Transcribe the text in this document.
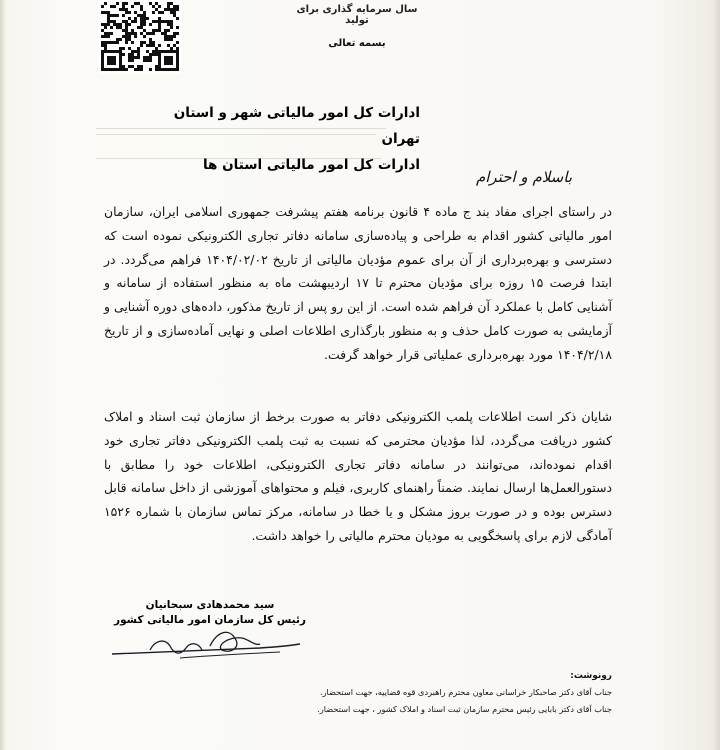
سال سرمایه گذاری برای تولید
بسمه تعالی
ادارات کل امور مالیاتی شهر و استان تهران
ادارات کل امور مالیاتی استان ها
باسلام و احترام
در راستای اجرای مفاد بند ج ماده ۴ قانون برنامه هفتم پیشرفت جمهوری اسلامی ایران، سازمان امور مالیاتی کشور اقدام به طراحی و پیاده‌سازی سامانه دفاتر تجاری الکترونیکی نموده است که دسترسی و بهره‌برداری از آن برای عموم مؤدیان مالیاتی از تاریخ ۱۴۰۴/۰۲/۰۲ فراهم می‌گردد. در ابتدا فرصت ۱۵ روزه برای مؤدیان محترم تا ۱۷ اردیبهشت ماه به منظور استفاده از سامانه و آشنایی کامل با عملکرد آن فراهم شده است. از این رو پس از تاریخ مذکور، داده‌های دوره آشنایی و آزمایشی به صورت کامل حذف و به منظور بارگذاری اطلاعات اصلی و نهایی آماده‌سازی و از تاریخ ۱۴۰۴/۲/۱۸ مورد بهره‌برداری عملیاتی قرار خواهد گرفت.
شایان ذکر است اطلاعات پلمب الکترونیکی دفاتر به صورت برخط از سازمان ثبت اسناد و املاک کشور دریافت می‌گردد، لذا مؤدیان محترمی که نسبت به ثبت پلمب الکترونیکی دفاتر تجاری خود اقدام نموده‌اند، می‌توانند در سامانه دفاتر تجاری الکترونیکی، اطلاعات خود را مطابق با دستورالعمل‌ها ارسال نمایند. ضمناً راهنمای کاربری، فیلم و محتواهای آموزشی از داخل سامانه قابل دسترس بوده و در صورت بروز مشکل و یا خطا در سامانه، مرکز تماس سازمان با شماره ۱۵۲۶ آمادگی لازم برای پاسخگویی به مودیان محترم مالیاتی را خواهد داشت.
سید محمدهادی سبحانیان
رئیس کل سازمان امور مالیاتی کشور
رونوشت:
جناب آقای دکتر صاحبکار خراسانی معاون محترم راهبردی قوه قضاییه، جهت استحضار.
جناب آقای دکتر بابایی رئیس محترم سازمان ثبت اسناد و املاک کشور ، جهت استحضار.
